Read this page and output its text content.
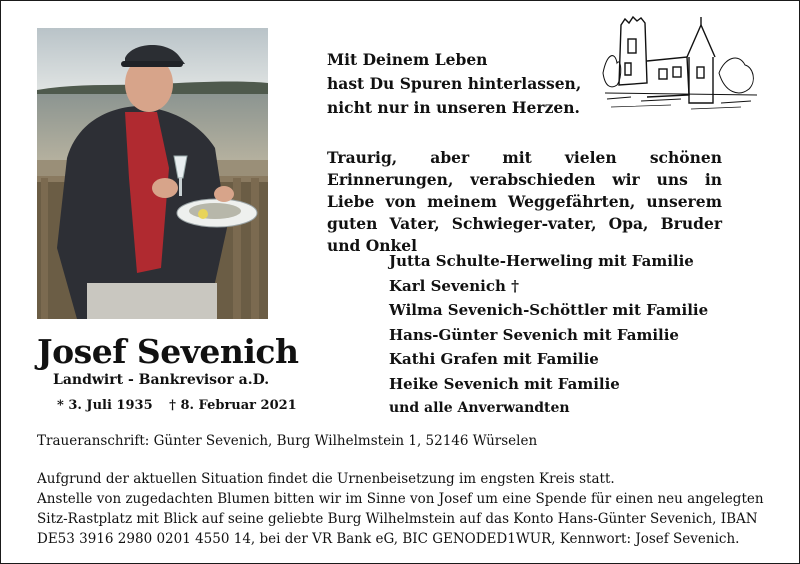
Mit Deinem Leben
hast Du Spuren hinterlassen,
nicht nur in unseren Herzen.
Traurig, aber mit vielen schönen Erinnerungen, verabschieden wir uns in Liebe von meinem Weggefährten, unserem guten Vater, Schwieger-vater, Opa, Bruder und Onkel
Jutta Schulte-Herweling mit Familie
Karl Sevenich †
Wilma Sevenich-Schöttler mit Familie
Hans-Günter Sevenich mit Familie
Kathi Grafen mit Familie
Heike Sevenich mit Familie
und alle Anverwandten
Josef Sevenich
Landwirt - Bankrevisor a.D.
* 3. Juli 1935 † 8. Februar 2021
Traueranschrift: Günter Sevenich, Burg Wilhelmstein 1, 52146 Würselen
Aufgrund der aktuellen Situation findet die Urnenbeisetzung im engsten Kreis statt.
Anstelle von zugedachten Blumen bitten wir im Sinne von Josef um eine Spende für einen neu angelegten
Sitz-Rastplatz mit Blick auf seine geliebte Burg Wilhelmstein auf das Konto Hans-Günter Sevenich, IBAN
DE53 3916 2980 0201 4550 14, bei der VR Bank eG, BIC GENODED1WUR, Kennwort: Josef Sevenich.
